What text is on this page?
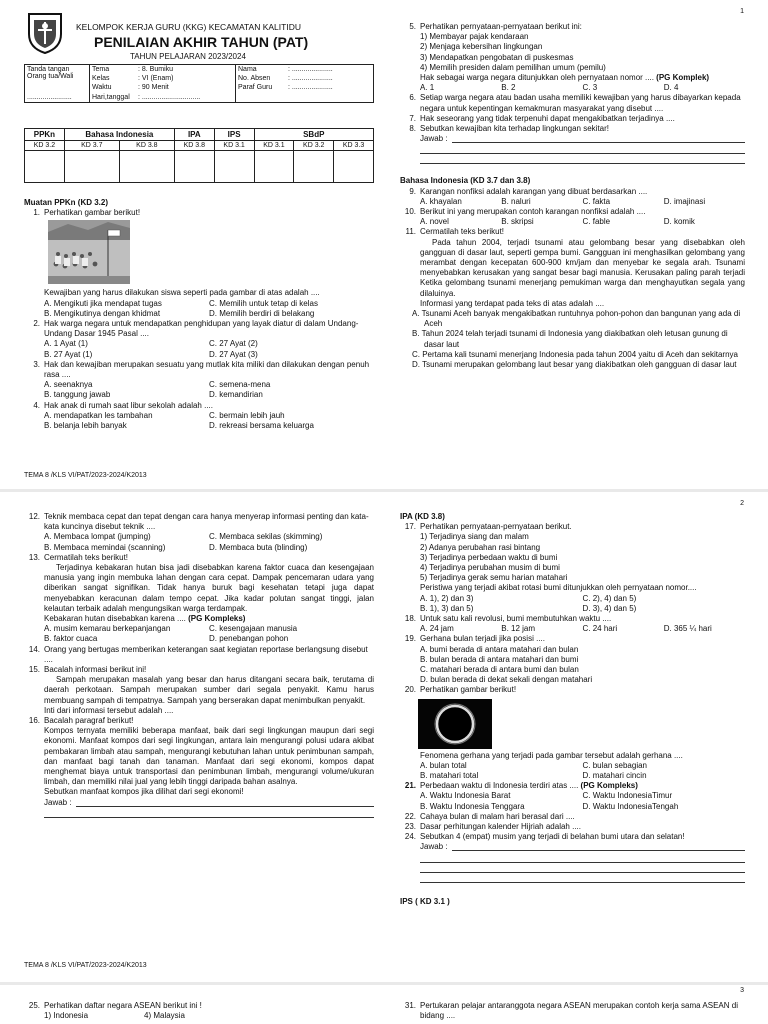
1
KELOMPOK KERJA GURU (KKG) KECAMATAN KALITIDU
PENILAIAN AKHIR TAHUN (PAT)
TAHUN PELAJARAN 2023/2024
Tanda tangan
Orang tua/Wali
.......................	Tema	: 8. Bumiku	Nama	: .....................
	Kelas	: VI (Enam)	No. Absen	: .....................
	Waktu	: 90 Menit	Paraf Guru	: .....................
	Hari,tanggal	: ..............................		
PPKn	Bahasa Indonesia		IPA	IPS	SBdP		
KD 3.2	KD 3.7	KD 3.8	KD 3.8	KD 3.1	KD 3.1	KD 3.2	KD 3.3

Muatan PPKn (KD 3.2)
1. Perhatikan gambar berikut!
Kewajiban yang harus dilakukan siswa seperti pada gambar di atas adalah ....
A. Mengikuti jika mendapat tugas	C. Memilih untuk tetap di kelas
B. Mengikutinya dengan khidmat	D. Memilih berdiri di belakang
2. Hak warga negara untuk mendapatkan penghidupan yang layak diatur di dalam Undang-Undang Dasar 1945 Pasal ....
A. 1 Ayat (1)	C. 27 Ayat (2)
B. 27 Ayat (1)	D. 27 Ayat (3)
3. Hak dan kewajiban merupakan sesuatu yang mutlak kita miliki dan dilakukan dengan penuh rasa ....
A. seenaknya	C. semena-mena
B. tanggung jawab	D. kemandirian
4. Hak anak di rumah saat libur sekolah adalah ....
A. mendapatkan les tambahan	C. bermain lebih jauh
B. belanja lebih banyak	D. rekreasi bersama keluarga
5. Perhatikan pernyataan-pernyataan berikut ini:
1) Membayar pajak kendaraan
2) Menjaga kebersihan lingkungan
3) Mendapatkan pengobatan di puskesmas
4) Memilih presiden dalam pemilihan umum (pemilu)
Hak sebagai warga negara ditunjukkan oleh pernyataan nomor .... (PG Komplek)
A. 1	B. 2	C. 3	D. 4
6. Setiap warga negara atau badan usaha memiliki kewajiban yang harus dibayarkan kepada negara untuk kepentingan kemakmuran masyarakat yang disebut ....
7. Hak seseorang yang tidak terpenuhi dapat mengakibatkan terjadinya ....
8. Sebutkan kewajiban kita terhadap lingkungan sekitar!
Jawab :
Bahasa Indonesia (KD 3.7 dan 3.8)
9. Karangan nonfiksi adalah karangan yang dibuat berdasarkan ....
A. khayalan	B. naluri	C. fakta	D. imajinasi
10. Berikut ini yang merupakan contoh karangan nonfiksi adalah ....
A. novel	B. skripsi	C. fable	D. komik
11. Cermatilah teks berikut!
Pada tahun 2004, terjadi tsunami atau gelombang besar yang disebabkan oleh gangguan di dasar laut, seperti gempa bumi. Gangguan ini menghasilkan gelombang yang merambat dengan kecepatan 600-900 km/jam dan menyebar ke segala arah. Tsunami menyebabkan kerusakan yang sangat besar bagi manusia. Kerusakan paling parah terjadi Ketika gelombang tsunami menerjang pemukiman warga dan menghayutkan segala yang dilaluinya.
Informasi yang terdapat pada teks di atas adalah ....
A. Tsunami Aceh banyak mengakibatkan runtuhnya pohon-pohon dan bangunan yang ada di Aceh
B. Tahun 2024 telah terjadi tsunami di Indonesia yang diakibatkan oleh letusan gunung di dasar laut
C. Pertama kali tsunami menerjang Indonesia pada tahun 2004 yaitu di Aceh dan sekitarnya
D. Tsunami merupakan gelombang laut besar yang diakibatkan oleh gangguan di dasar laut
TEMA 8 /KLS VI/PAT/2023-2024/K2013
2
12. Teknik membaca cepat dan tepat dengan cara hanya menyerap informasi penting dan kata-kata kuncinya disebut teknik ....
A. Membaca lompat (jumping)	C. Membaca sekilas (skimming)
B. Membaca memindai (scanning)	D. Membaca buta (blinding)
13. Cermatilah teks berikut!
Terjadinya kebakaran hutan bisa jadi disebabkan karena faktor cuaca dan kesengajaan manusia yang ingin membuka lahan dengan cara cepat. Dampak pencemaran udara yang diberikan sangat signifikan. Tidak hanya buruk bagi kesehatan tetapi juga dapat menyebabkan keracunan dalam tempo cepat. Jika kadar polutan sangat tinggi, jalan kelautan terbaik adalah mengungsikan warga terdampak.
Kebakaran hutan disebabkan karena .... (PG Kompleks)
A. musim kemarau berkepanjangan	C. kesengajaan manusia
B. faktor cuaca	D. penebangan pohon
14. Orang yang bertugas memberikan keterangan saat kegiatan reportase berlangsung disebut ....
15. Bacalah informasi berikut ini!
Sampah merupakan masalah yang besar dan harus ditangani secara baik, terutama di daerah perkotaan. Sampah merupakan sumber dari segala penyakit. Kamu harus membuang sampah di tempatnya. Sampah yang berserakan dapat menimbulkan penyakit.
Inti dari informasi tersebut adalah ....
16. Bacalah paragraf berikut!
Kompos ternyata memiliki beberapa manfaat, baik dari segi lingkungan maupun dari segi ekonomi. Manfaat kompos dari segi lingkungan, antara lain mengurangi polusi udara akibat pembakaran limbah atau sampah, mengurangi kebutuhan lahan untuk penimbunan sampah, dan manfaat bagi tanah dan tanaman. Manfaat dari segi ekonomi, kompos dapat menghemat biaya untuk transportasi dan penimbunan limbah, mengurangi volume/ukuran limbah, dan memiliki nilai jual yang lebih tinggi daripada bahan asalnya.
Sebutkan manfaat kompos jika dilihat dari segi ekonomi!
Jawab :
IPA (KD 3.8)
17. Perhatikan pernyataan-pernyataan berikut.
1) Terjadinya siang dan malam
2) Adanya perubahan rasi bintang
3) Terjadinya perbedaan waktu di bumi
4) Terjadinya perubahan musim di bumi
5) Terjadinya gerak semu harian matahari
Peristiwa yang terjadi akibat rotasi bumi ditunjukkan oleh pernyataan nomor....
A. 1), 2) dan 3)	C. 2), 4) dan 5)
B. 1), 3) dan 5)	D. 3), 4) dan 5)
18. Untuk satu kali revolusi, bumi membutuhkan waktu ....
A. 24 jam	B. 12 jam	C. 24 hari	D. 365 ¼ hari
19. Gerhana bulan terjadi jika posisi ....
A. bumi berada di antara matahari dan bulan
B. bulan berada di antara matahari dan bumi
C. matahari berada di antara bumi dan bulan
D. bulan berada di dekat sekali dengan matahari
20. Perhatikan gambar berikut!
Fenomena gerhana yang terjadi pada gambar tersebut adalah gerhana ....
A. bulan total	C. bulan sebagian
B. matahari total	D. matahari cincin
21. Perbedaan waktu di Indonesia terdiri atas .... (PG Kompleks)
A. Waktu Indonesia Barat	C. Waktu IndonesiaTimur
B. Waktu Indonesia Tenggara	D. Waktu IndonesiaTengah
22. Cahaya bulan di malam hari berasal dari ....
23. Dasar perhitungan kalender Hijriah adalah ....
24. Sebutkan 4 (empat) musim yang terjadi di belahan bumi utara dan selatan!
Jawab :
IPS ( KD 3.1 )
TEMA 8 /KLS VI/PAT/2023-2024/K2013
3
25. Perhatikan daftar negara ASEAN berikut ini !
1) Indonesia	4) Malaysia
31. Pertukaran pelajar antaranggota negara ASEAN merupakan contoh kerja sama ASEAN di bidang ....
